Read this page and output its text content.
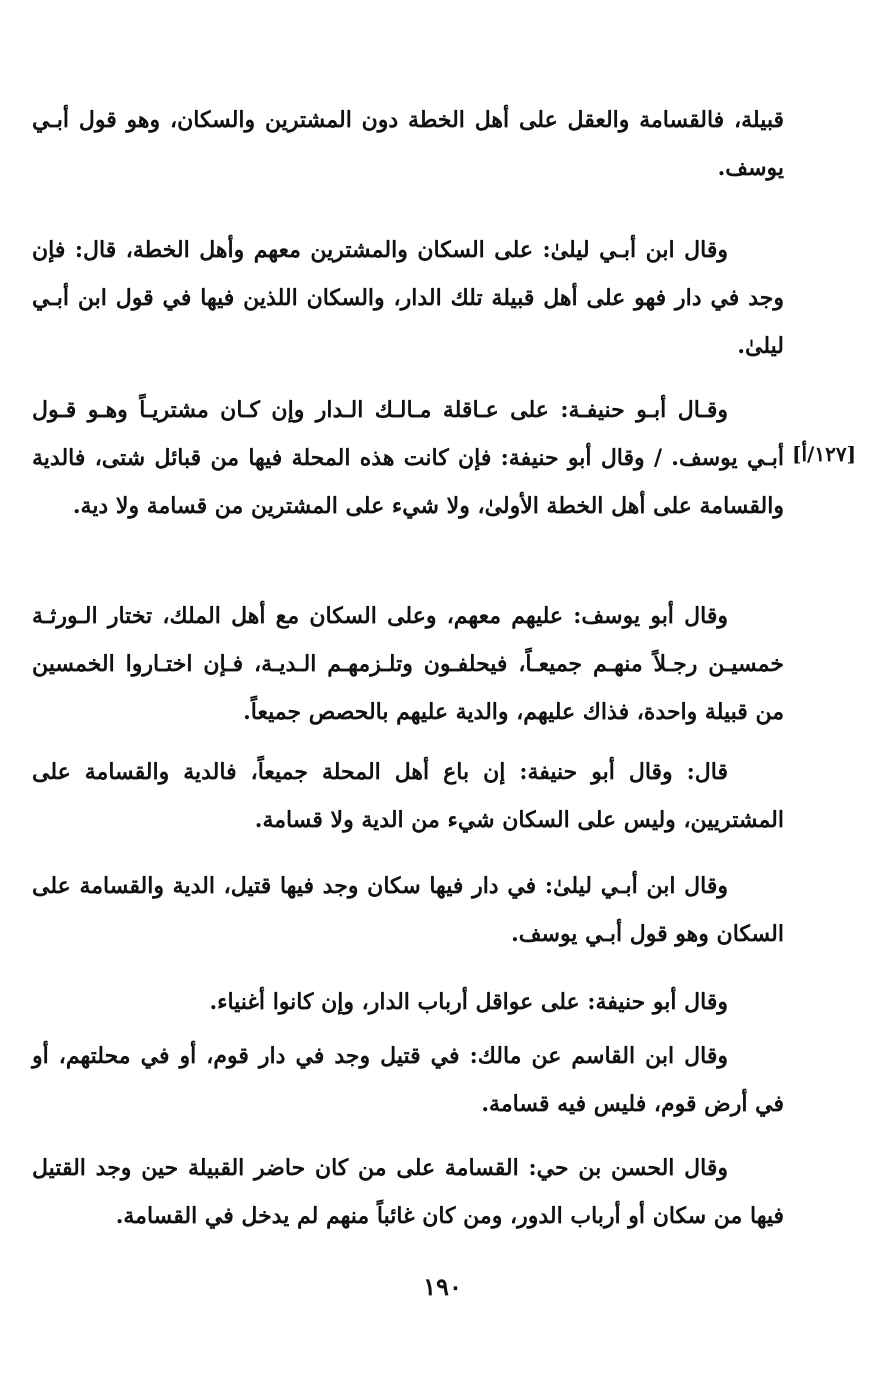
قبيلة، فالقسامة والعقل على أهل الخطة دون المشترين والسكان، وهو قول أبـي يوسف.

وقال ابن أبـي ليلىٰ: على السكان والمشترين معهم وأهل الخطة، قال: فإن وجد في دار فهو على أهل قبيلة تلك الدار، والسكان اللذين فيها في قول ابن أبـي ليلىٰ.

وقـال أبـو حنيفـة: على عـاقلة مـالـك الـدار وإن كـان مشتريـاً وهـو قـول أبـي يوسف. / وقال أبو حنيفة: فإن كانت هذه المحلة فيها من قبائل شتى، فالدية والقسامة على أهل الخطة الأولىٰ، ولا شيء على المشترين من قسامة ولا دية.

[١٢٧/أ]

وقال أبو يوسف: عليهم معهم، وعلى السكان مع أهل الملك، تختار الـورثـة خمسيـن رجـلاً منهـم جميعـاً، فيحلفـون وتلـزمهـم الـديـة، فـإن اختـاروا الخمسين من قبيلة واحدة، فذاك عليهم، والدية عليهم بالحصص جميعاً.

قال: وقال أبو حنيفة: إن باع أهل المحلة جميعاً، فالدية والقسامة على المشتريين، وليس على السكان شيء من الدية ولا قسامة.

وقال ابن أبـي ليلىٰ: في دار فيها سكان وجد فيها قتيل، الدية والقسامة على السكان وهو قول أبـي يوسف.

وقال أبو حنيفة: على عواقل أرباب الدار، وإن كانوا أغنياء.

وقال ابن القاسم عن مالك: في قتيل وجد في دار قوم، أو في محلتهم، أو في أرض قوم، فليس فيه قسامة.

وقال الحسن بن حي: القسامة على من كان حاضر القبيلة حين وجد القتيل فيها من سكان أو أرباب الدور، ومن كان غائباً منهم لم يدخل في القسامة.

١٩٠
